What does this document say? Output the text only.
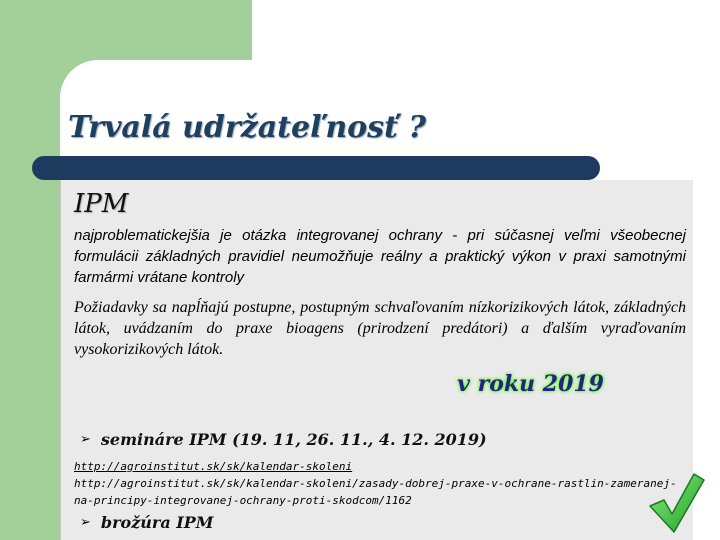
Trvalá udržateľnosť ?
IPM
najproblematickejšia je otázka integrovanej ochrany - pri súčasnej veľmi všeobecnej formulácii základných pravidiel neumožňuje reálny a praktický výkon v praxi samotnými farmármi vrátane kontroly
Požiadavky sa napĺňajú postupne, postupným schvaľovaním nízkorizikových látok, základných látok, uvádzaním do praxe bioagens (prirodzení predátori) a ďalším vyraďovaním vysokorizikových látok.
v roku 2019
➢ semináre IPM (19. 11, 26. 11., 4. 12. 2019)
http://agroinstitut.sk/sk/kalendar-skoleni
http://agroinstitut.sk/sk/kalendar-skoleni/zasady-dobrej-praxe-v-ochrane-rastlin-zameranej-na-principy-integrovanej-ochrany-proti-skodcom/1162
➢ brožúra IPM
